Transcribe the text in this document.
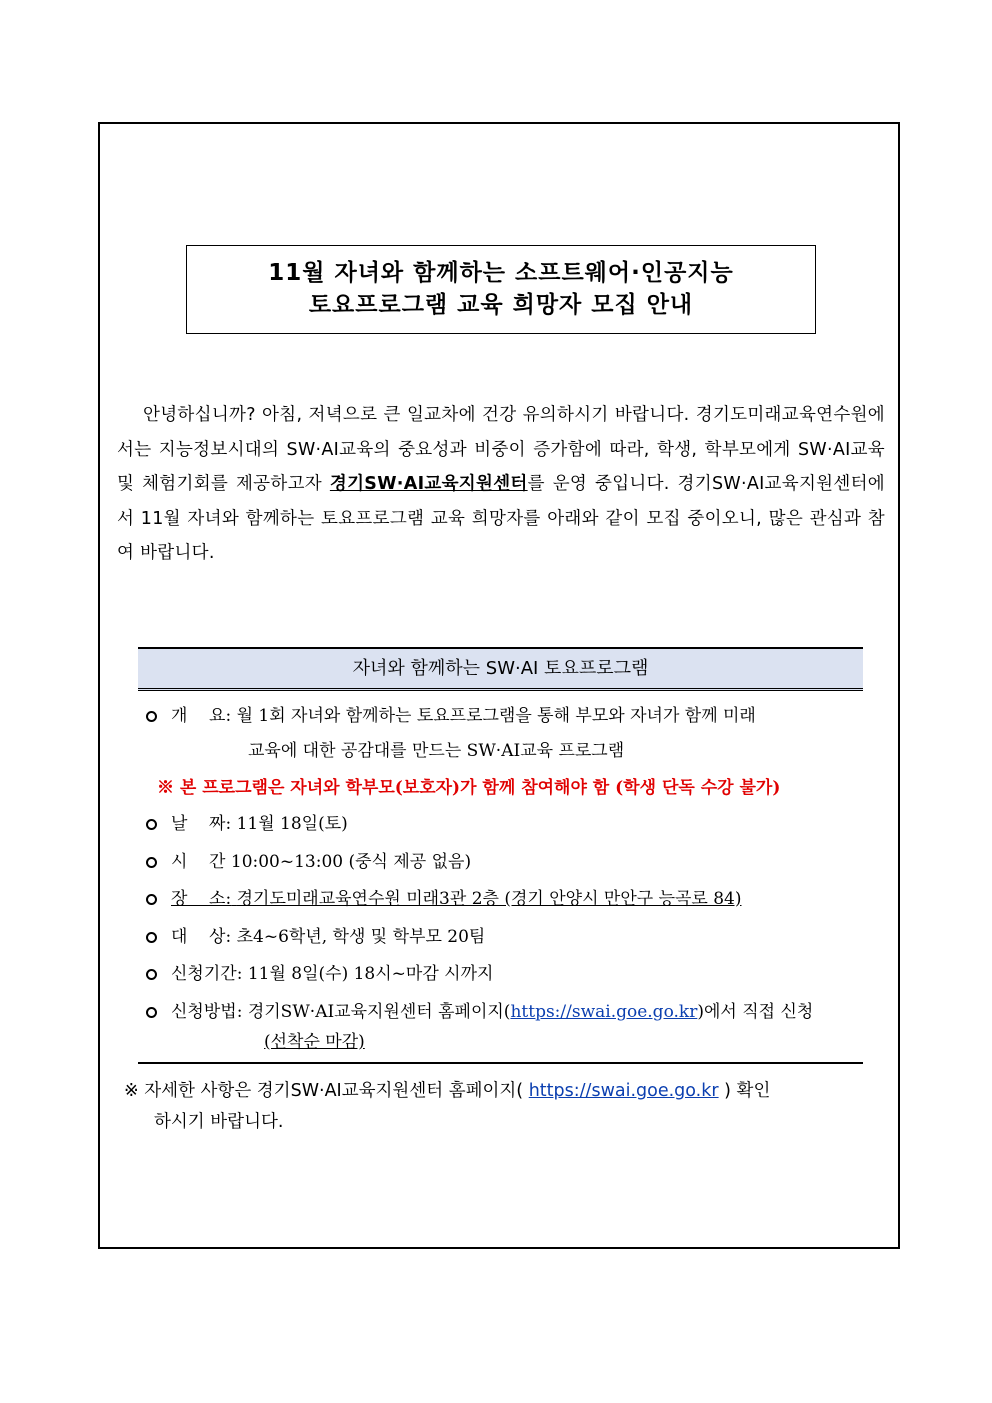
11월 자녀와 함께하는 소프트웨어·인공지능
토요프로그램 교육 희망자 모집 안내

안녕하십니까? 아침, 저녁으로 큰 일교차에 건강 유의하시기 바랍니다. 경기도미래교육연수원에서는 지능정보시대의 SW·AI교육의 중요성과 비중이 증가함에 따라, 학생, 학부모에게 SW·AI교육 및 체험기회를 제공하고자 경기SW·AI교육지원센터를 운영 중입니다. 경기SW·AI교육지원센터에서 11월 자녀와 함께하는 토요프로그램 교육 희망자를 아래와 같이 모집 중이오니, 많은 관심과 참여 바랍니다.

자녀와 함께하는 SW·AI 토요프로그램
개    요: 월 1회 자녀와 함께하는 토요프로그램을 통해 부모와 자녀가 함께 미래
교육에 대한 공감대를 만드는 SW·AI교육 프로그램
※ 본 프로그램은 자녀와 학부모(보호자)가 함께 참여해야 함 (학생 단독 수강 불가)
날    짜: 11월 18일(토)
시    간 10:00~13:00 (중식 제공 없음)
장    소: 경기도미래교육연수원 미래3관 2층 (경기 안양시 만안구 능곡로 84)
대    상: 초4~6학년, 학생 및 학부모 20팀
신청기간: 11월 8일(수) 18시~마감 시까지
신청방법: 경기SW·AI교육지원센터 홈페이지(https://swai.goe.go.kr)에서 직접 신청
(선착순 마감)
※ 자세한 사항은 경기SW·AI교육지원센터 홈페이지( https://swai.goe.go.kr ) 확인
하시기 바랍니다.
